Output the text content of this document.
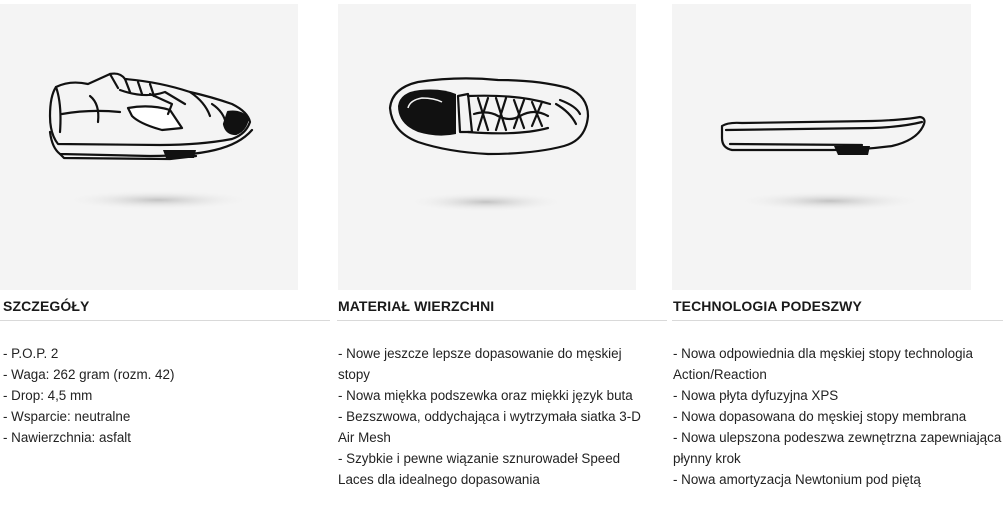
SZCZEGÓŁY
- P.O.P. 2
- Waga: 262 gram (rozm. 42)
- Drop: 4,5 mm
- Wsparcie: neutralne
- Nawierzchnia: asfalt
MATERIAŁ WIERZCHNI
- Nowe jeszcze lepsze dopasowanie do męskiej stopy
- Nowa miękka podszewka oraz miękki język buta
- Bezszwowa, oddychająca i wytrzymała siatka 3-D Air Mesh
- Szybkie i pewne wiązanie sznurowadeł Speed Laces dla idealnego dopasowania
TECHNOLOGIA PODESZWY
- Nowa odpowiednia dla męskiej stopy technologia Action/Reaction
- Nowa płyta dyfuzyjna XPS
- Nowa dopasowana do męskiej stopy membrana
- Nowa ulepszona podeszwa zewnętrzna zapewniająca płynny krok
- Nowa amortyzacja Newtonium pod piętą
